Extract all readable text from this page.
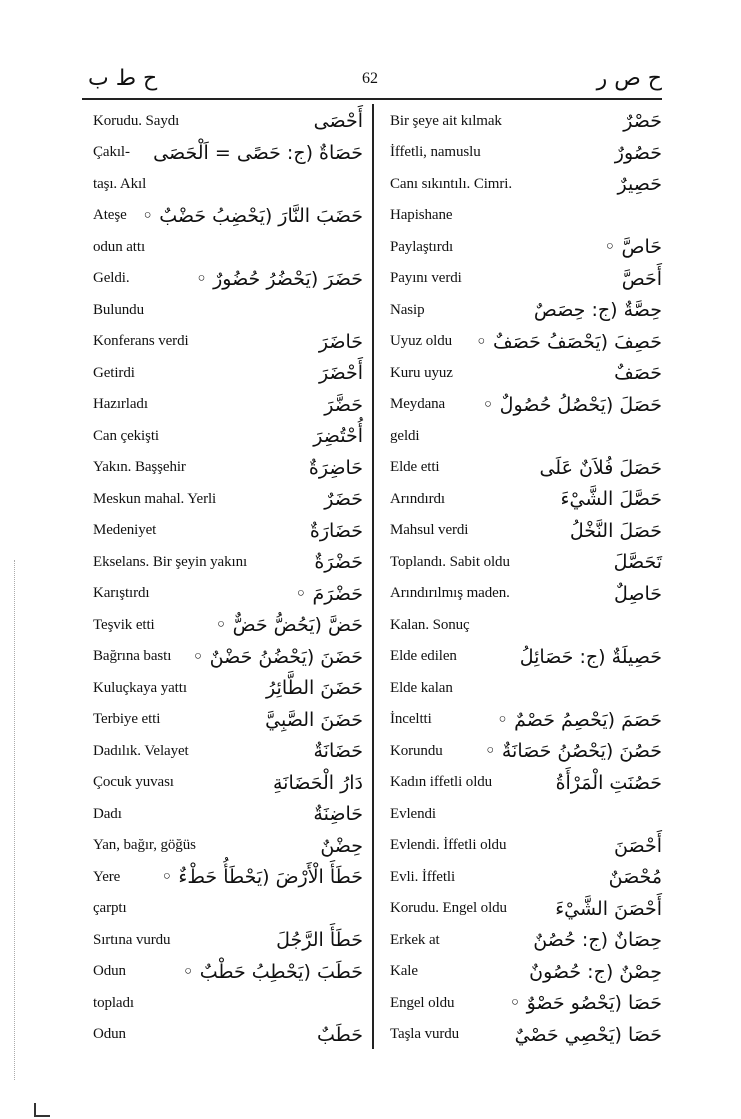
ح ط ب	62	ح ص ر
Korudu. Saydı	أَحْصَى
Çakıl- حَصَاةٌ (ج: حَصًى = اَلْحَصَى
taşı. Akıl
Ateşe حَضَبَ النَّارَ (يَحْضِبُ حَضْبٌ ◦
odun attı
Geldi.	حَضَرَ (يَحْضُرُ حُضُورٌ ◦
Bulundu
Konferans verdi	حَاضَرَ
Getirdi	أَحْضَرَ
Hazırladı	حَضَّرَ
Can çekişti	أُحْتُضِرَ
Yakın. Başşehir	حَاضِرَةٌ
Meskun mahal. Yerli	حَضَرٌ
Medeniyet	حَضَارَةٌ
Ekselans. Bir şeyin yakını	حَضْرَةٌ
Karıştırdı	حَضْرَمَ ◦
Teşvik etti	حَضَّ (يَحُضُّ حَضٌّ ◦
Bağrına bastı حَضَنَ (يَحْضُنُ حَضْنٌ ◦
Kuluçkaya yattı	حَضَنَ الطَّائِرُ
Terbiye etti	حَضَنَ الصَّبِيَّ
Dadılık. Velayet	حَضَانَةٌ
Çocuk yuvası	دَارُ الْحَضَانَةِ
Dadı	حَاضِنَةٌ
Yan, bağır, göğüs	حِضْنٌ
Yere حَطَأَ الْأَرْضَ (يَحْطَأُ حَطْءٌ ◦
çarptı
Sırtına vurdu	حَطَأَ الرَّجُلَ
Odun	حَطَبَ (يَحْطِبُ حَطْبٌ ◦
topladı
Odun	حَطَبٌ
Bir şeye ait kılmak	حَصْرٌ
İffetli, namuslu	حَصُورٌ
Canı sıkıntılı. Cimri.	حَصِيرٌ
Hapishane
Paylaştırdı	حَاصَّ ◦
Payını verdi	أَحَصَّ
Nasip	حِصَّةٌ (ج: حِصَصٌ
Uyuz oldu حَصِفَ (يَحْصَفُ حَصَفٌ ◦
Kuru uyuz	حَصَفٌ
Meydana حَصَلَ (يَحْصُلُ حُصُولٌ ◦
geldi
Elde etti	حَصَلَ فُلاَنٌ عَلَى
Arındırdı	حَصَّلَ الشَّيْءَ
Mahsul verdi	حَصَلَ النَّخْلُ
Toplandı. Sabit oldu	تَحَصَّلَ
Arındırılmış maden.	حَاصِلٌ
Kalan. Sonuç
Elde edilen	حَصِيلَةٌ (ج: حَصَائِلُ
Elde kalan
İnceltti	حَصَمَ (يَحْصِمُ حَصْمٌ ◦
Korundu حَصُنَ (يَحْصُنُ حَصَانَةٌ ◦
Kadın iffetli oldu	حَصُنَتِ الْمَرْأَةُ
Evlendi
Evlendi. İffetli oldu	أَحْصَنَ
Evli. İffetli	مُحْصَنٌ
Korudu. Engel oldu	أَحْصَنَ الشَّيْءَ
Erkek at	حِصَانٌ (ج: حُصُنٌ
Kale	حِصْنٌ (ج: حُصُونٌ
Engel oldu	حَصَا (يَحْصُو حَصْوٌ ◦
Taşla vurdu	حَصَا (يَحْصِي حَصْيٌ
